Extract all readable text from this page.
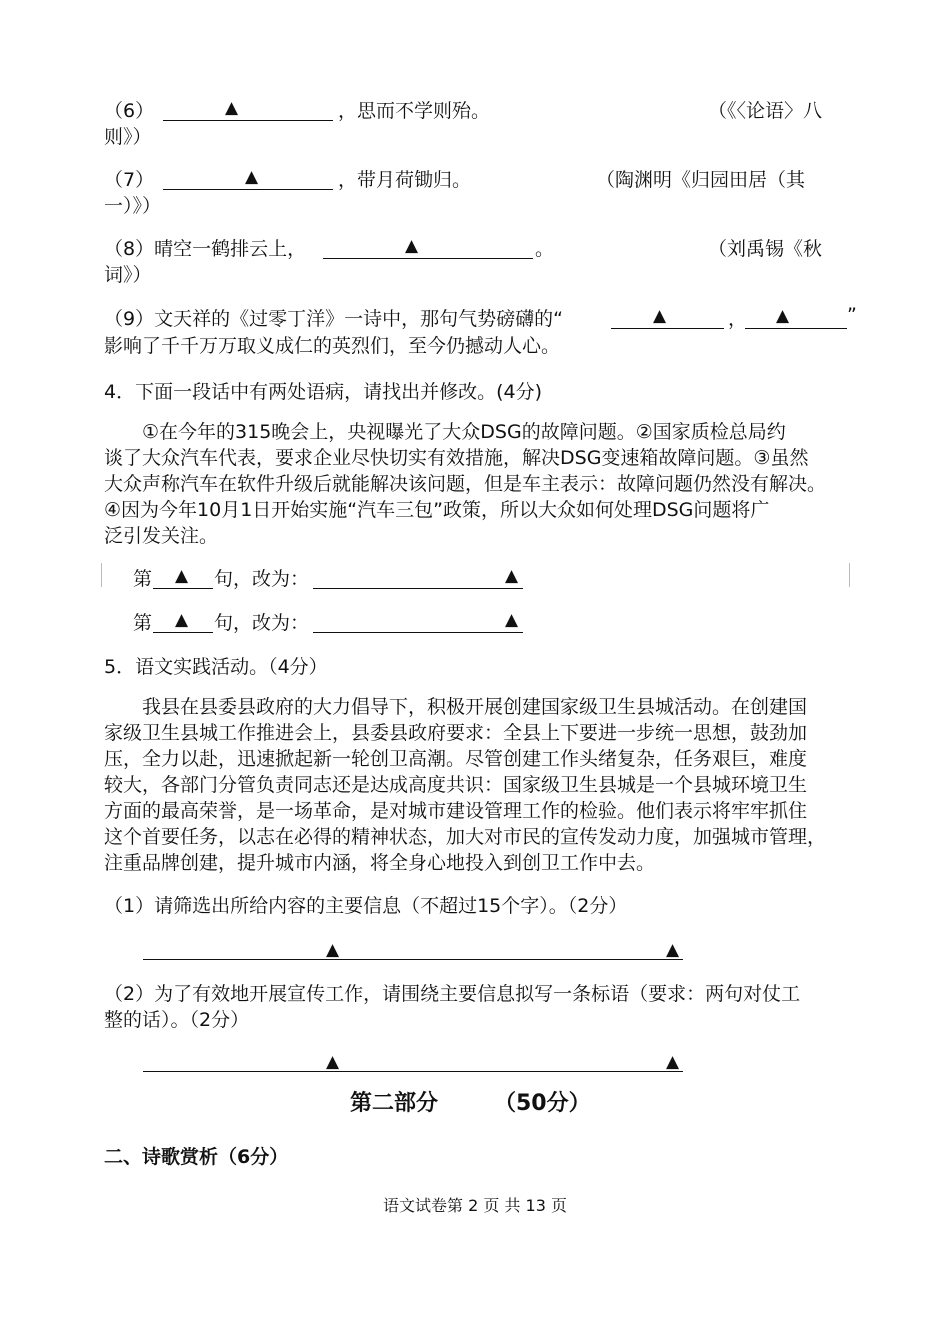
（6）	▲	，思而不学则殆。	（《〈论语〉八
则》）
（7）	▲	，带月荷锄归。	（陶渊明《归园田居（其
一）》）
（8）晴空一鹤排云上，	▲	。	（刘禹锡《秋
词》）
（9）文天祥的《过零丁洋》一诗中，那句气势磅礴的“	▲	， ▲	”
影响了千千万万取义成仁的英烈们，至今仍撼动人心。
4．下面一段话中有两处语病，请找出并修改。(4分)
①在今年的315晚会上，央视曝光了大众DSG的故障问题。②国家质检总局约
谈了大众汽车代表，要求企业尽快切实有效措施，解决DSG变速箱故障问题。③虽然
大众声称汽车在软件升级后就能解决该问题，但是车主表示：故障问题仍然没有解决。
④因为今年10月1日开始实施“汽车三包”政策，所以大众如何处理DSG问题将广
泛引发关注。
第 ▲ 句，改为：	▲
第 ▲ 句，改为：	▲
5．语文实践活动。（4分）
我县在县委县政府的大力倡导下，积极开展创建国家级卫生县城活动。在创建国
家级卫生县城工作推进会上，县委县政府要求：全县上下要进一步统一思想，鼓劲加
压，全力以赴，迅速掀起新一轮创卫高潮。尽管创建工作头绪复杂，任务艰巨，难度
较大，各部门分管负责同志还是达成高度共识：国家级卫生县城是一个县城环境卫生
方面的最高荣誉，是一场革命，是对城市建设管理工作的检验。他们表示将牢牢抓住
这个首要任务，以志在必得的精神状态，加大对市民的宣传发动力度，加强城市管理，
注重品牌创建，提升城市内涵，将全身心地投入到创卫工作中去。
（1）请筛选出所给内容的主要信息（不超过15个字）。（2分）
▲	▲
（2）为了有效地开展宣传工作，请围绕主要信息拟写一条标语（要求：两句对仗工
整的话）。（2分）
▲	▲
第二部分	（50分）
二、诗歌赏析（6分）
语文试卷第 2 页 共 13 页
